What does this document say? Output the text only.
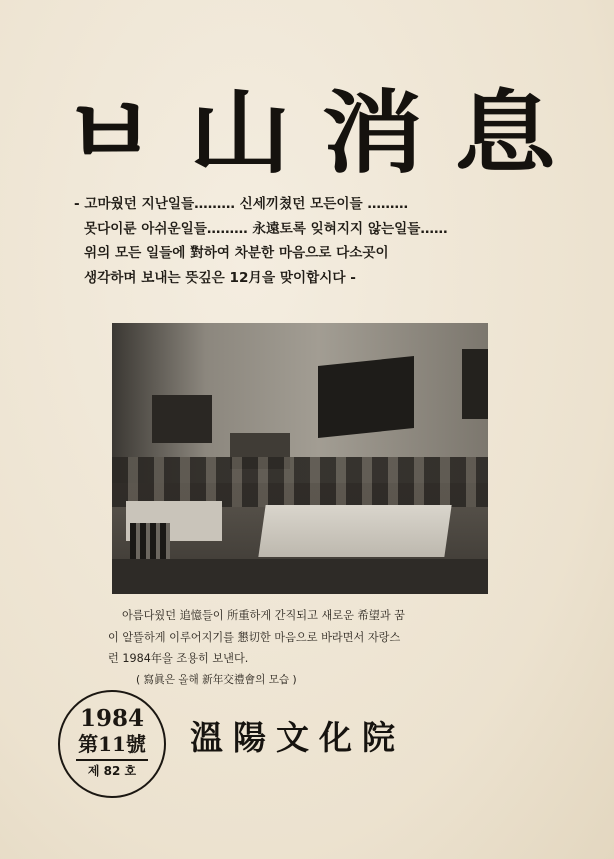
ㅂ 山 消 息
- 고마웠던 지난일들……… 신세끼쳤던 모든이들 ………
못다이룬 아쉬운일들……… 永遠토록 잊혀지지 않는일들……
위의 모든 일들에 對하여 차분한 마음으로 다소곳이
생각하며 보내는 뜻깊은 12月을 맞이합시다 -
아름다웠던 追憶들이 所重하게 간직되고 새로운 希望과 꿈
이 알뜰하게 이루어지기를 懇切한 마음으로 바라면서 자랑스
런 1984年을 조용히 보낸다.
( 寫眞은 올해 新年交禮會의 모습 )
1984
第11號
제 82 호
溫陽文化院
